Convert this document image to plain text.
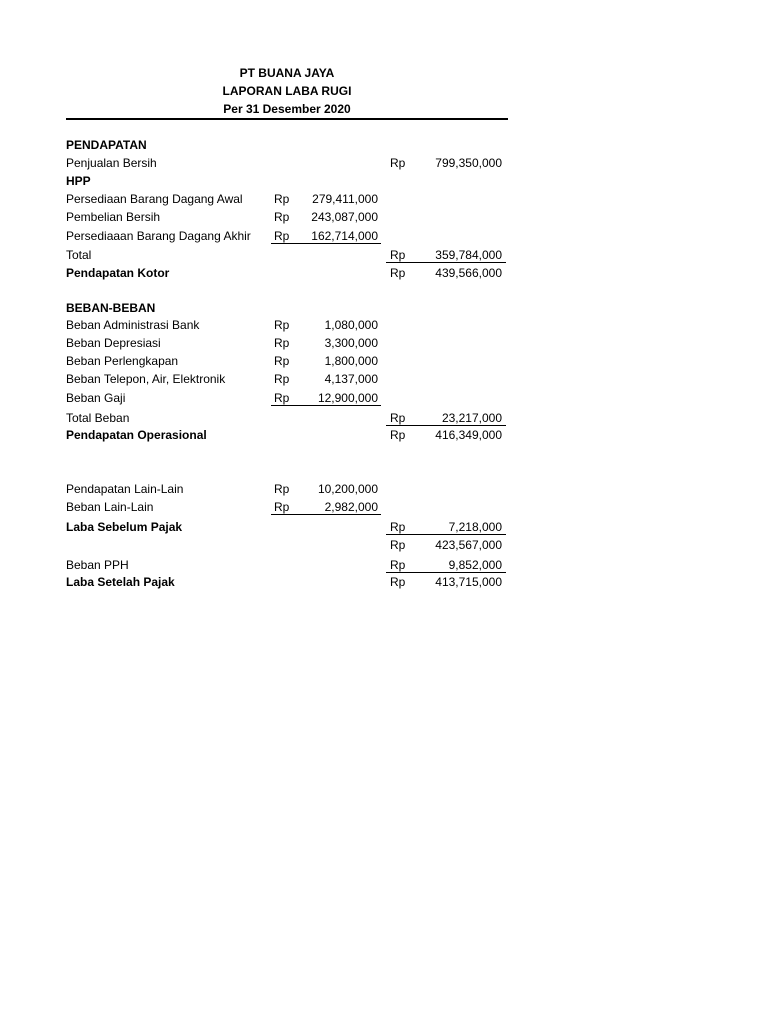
PT BUANA JAYA
LAPORAN LABA RUGI
Per 31 Desember 2020
PENDAPATAN
Penjualan Bersih	Rp 799,350,000
HPP
Persediaan Barang Dagang Awal	Rp 279,411,000
Pembelian Bersih	Rp 243,087,000
Persediaaan Barang Dagang Akhir Rp 162,714,000
Total	Rp 359,784,000
Pendapatan Kotor	Rp 439,566,000
BEBAN-BEBAN
Beban Administrasi Bank	Rp	1,080,000
Beban Depresiasi	Rp	3,300,000
Beban Perlengkapan	Rp	1,800,000
Beban Telepon, Air, Elektronik	Rp	4,137,000
Beban Gaji	Rp 12,900,000
Total Beban	Rp	23,217,000
Pendapatan Operasional	Rp 416,349,000
Pendapatan Lain-Lain	Rp 10,200,000
Beban Lain-Lain	Rp	2,982,000
Laba Sebelum Pajak	Rp	7,218,000
Rp 423,567,000
Beban PPH	Rp	9,852,000
Laba Setelah Pajak	Rp 413,715,000
